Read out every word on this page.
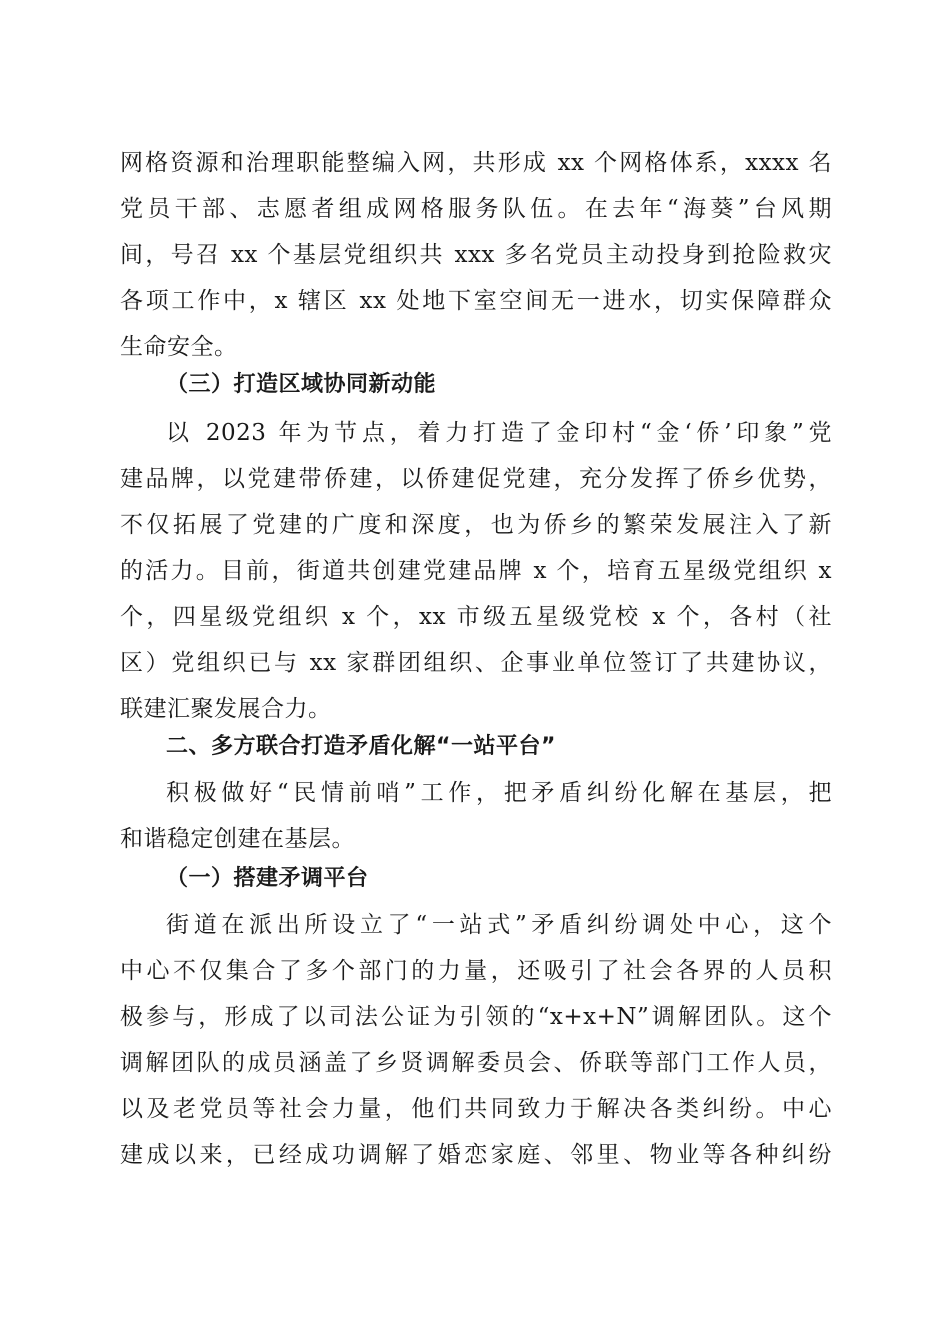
网格资源和治理职能整编入网，共形成 xx 个网格体系，xxxx 名
党员干部、志愿者组成网格服务队伍。在去年“海葵”台风期
间，号召 xx 个基层党组织共 xxx 多名党员主动投身到抢险救灾
各项工作中，x 辖区 xx 处地下室空间无一进水，切实保障群众
生命安全。
（三）打造区域协同新动能
以 2023 年为节点，着力打造了金印村“金‘侨’印象”党
建品牌，以党建带侨建，以侨建促党建，充分发挥了侨乡优势，
不仅拓展了党建的广度和深度，也为侨乡的繁荣发展注入了新
的活力。目前，街道共创建党建品牌 x 个，培育五星级党组织 x
个，四星级党组织 x 个，xx 市级五星级党校 x 个，各村（社
区）党组织已与 xx 家群团组织、企事业单位签订了共建协议，
联建汇聚发展合力。
二、多方联合打造矛盾化解“一站平台”
积极做好“民情前哨”工作，把矛盾纠纷化解在基层，把
和谐稳定创建在基层。
（一）搭建矛调平台
街道在派出所设立了“一站式”矛盾纠纷调处中心，这个
中心不仅集合了多个部门的力量，还吸引了社会各界的人员积
极参与，形成了以司法公证为引领的“x+x+N”调解团队。这个
调解团队的成员涵盖了乡贤调解委员会、侨联等部门工作人员，
以及老党员等社会力量，他们共同致力于解决各类纠纷。中心
建成以来，已经成功调解了婚恋家庭、邻里、物业等各种纠纷
